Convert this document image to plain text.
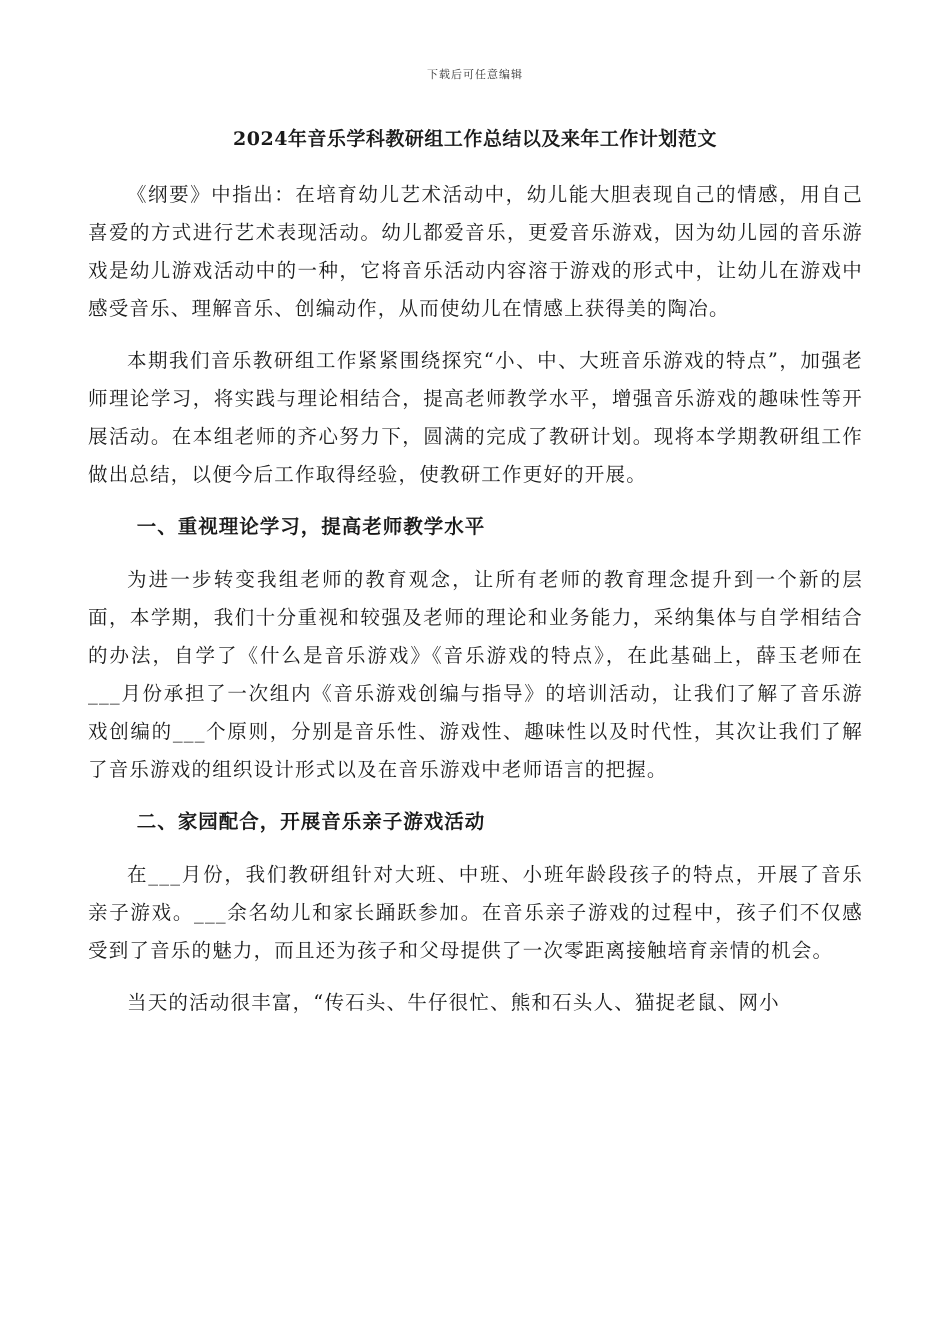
下载后可任意编辑
2024年音乐学科教研组工作总结以及来年工作计划范文

《纲要》中指出：在培育幼儿艺术活动中，幼儿能大胆表现自己的情感，用自己喜爱的方式进行艺术表现活动。幼儿都爱音乐，更爱音乐游戏，因为幼儿园的音乐游戏是幼儿游戏活动中的一种，它将音乐活动内容溶于游戏的形式中，让幼儿在游戏中感受音乐、理解音乐、创编动作，从而使幼儿在情感上获得美的陶冶。

本期我们音乐教研组工作紧紧围绕探究“小、中、大班音乐游戏的特点”，加强老师理论学习，将实践与理论相结合，提高老师教学水平，增强音乐游戏的趣味性等开展活动。在本组老师的齐心努力下，圆满的完成了教研计划。现将本学期教研组工作做出总结，以便今后工作取得经验，使教研工作更好的开展。

一、重视理论学习，提高老师教学水平

为进一步转变我组老师的教育观念，让所有老师的教育理念提升到一个新的层面，本学期，我们十分重视和较强及老师的理论和业务能力，采纳集体与自学相结合的办法，自学了《什么是音乐游戏》《音乐游戏的特点》，在此基础上，薛玉老师在___月份承担了一次组内《音乐游戏创编与指导》的培训活动，让我们了解了音乐游戏创编的___个原则，分别是音乐性、游戏性、趣味性以及时代性，其次让我们了解了音乐游戏的组织设计形式以及在音乐游戏中老师语言的把握。

二、家园配合，开展音乐亲子游戏活动

在___月份，我们教研组针对大班、中班、小班年龄段孩子的特点，开展了音乐亲子游戏。___余名幼儿和家长踊跃参加。在音乐亲子游戏的过程中，孩子们不仅感受到了音乐的魅力，而且还为孩子和父母提供了一次零距离接触培育亲情的机会。

当天的活动很丰富，“传石头、牛仔很忙、熊和石头人、猫捉老鼠、网小
